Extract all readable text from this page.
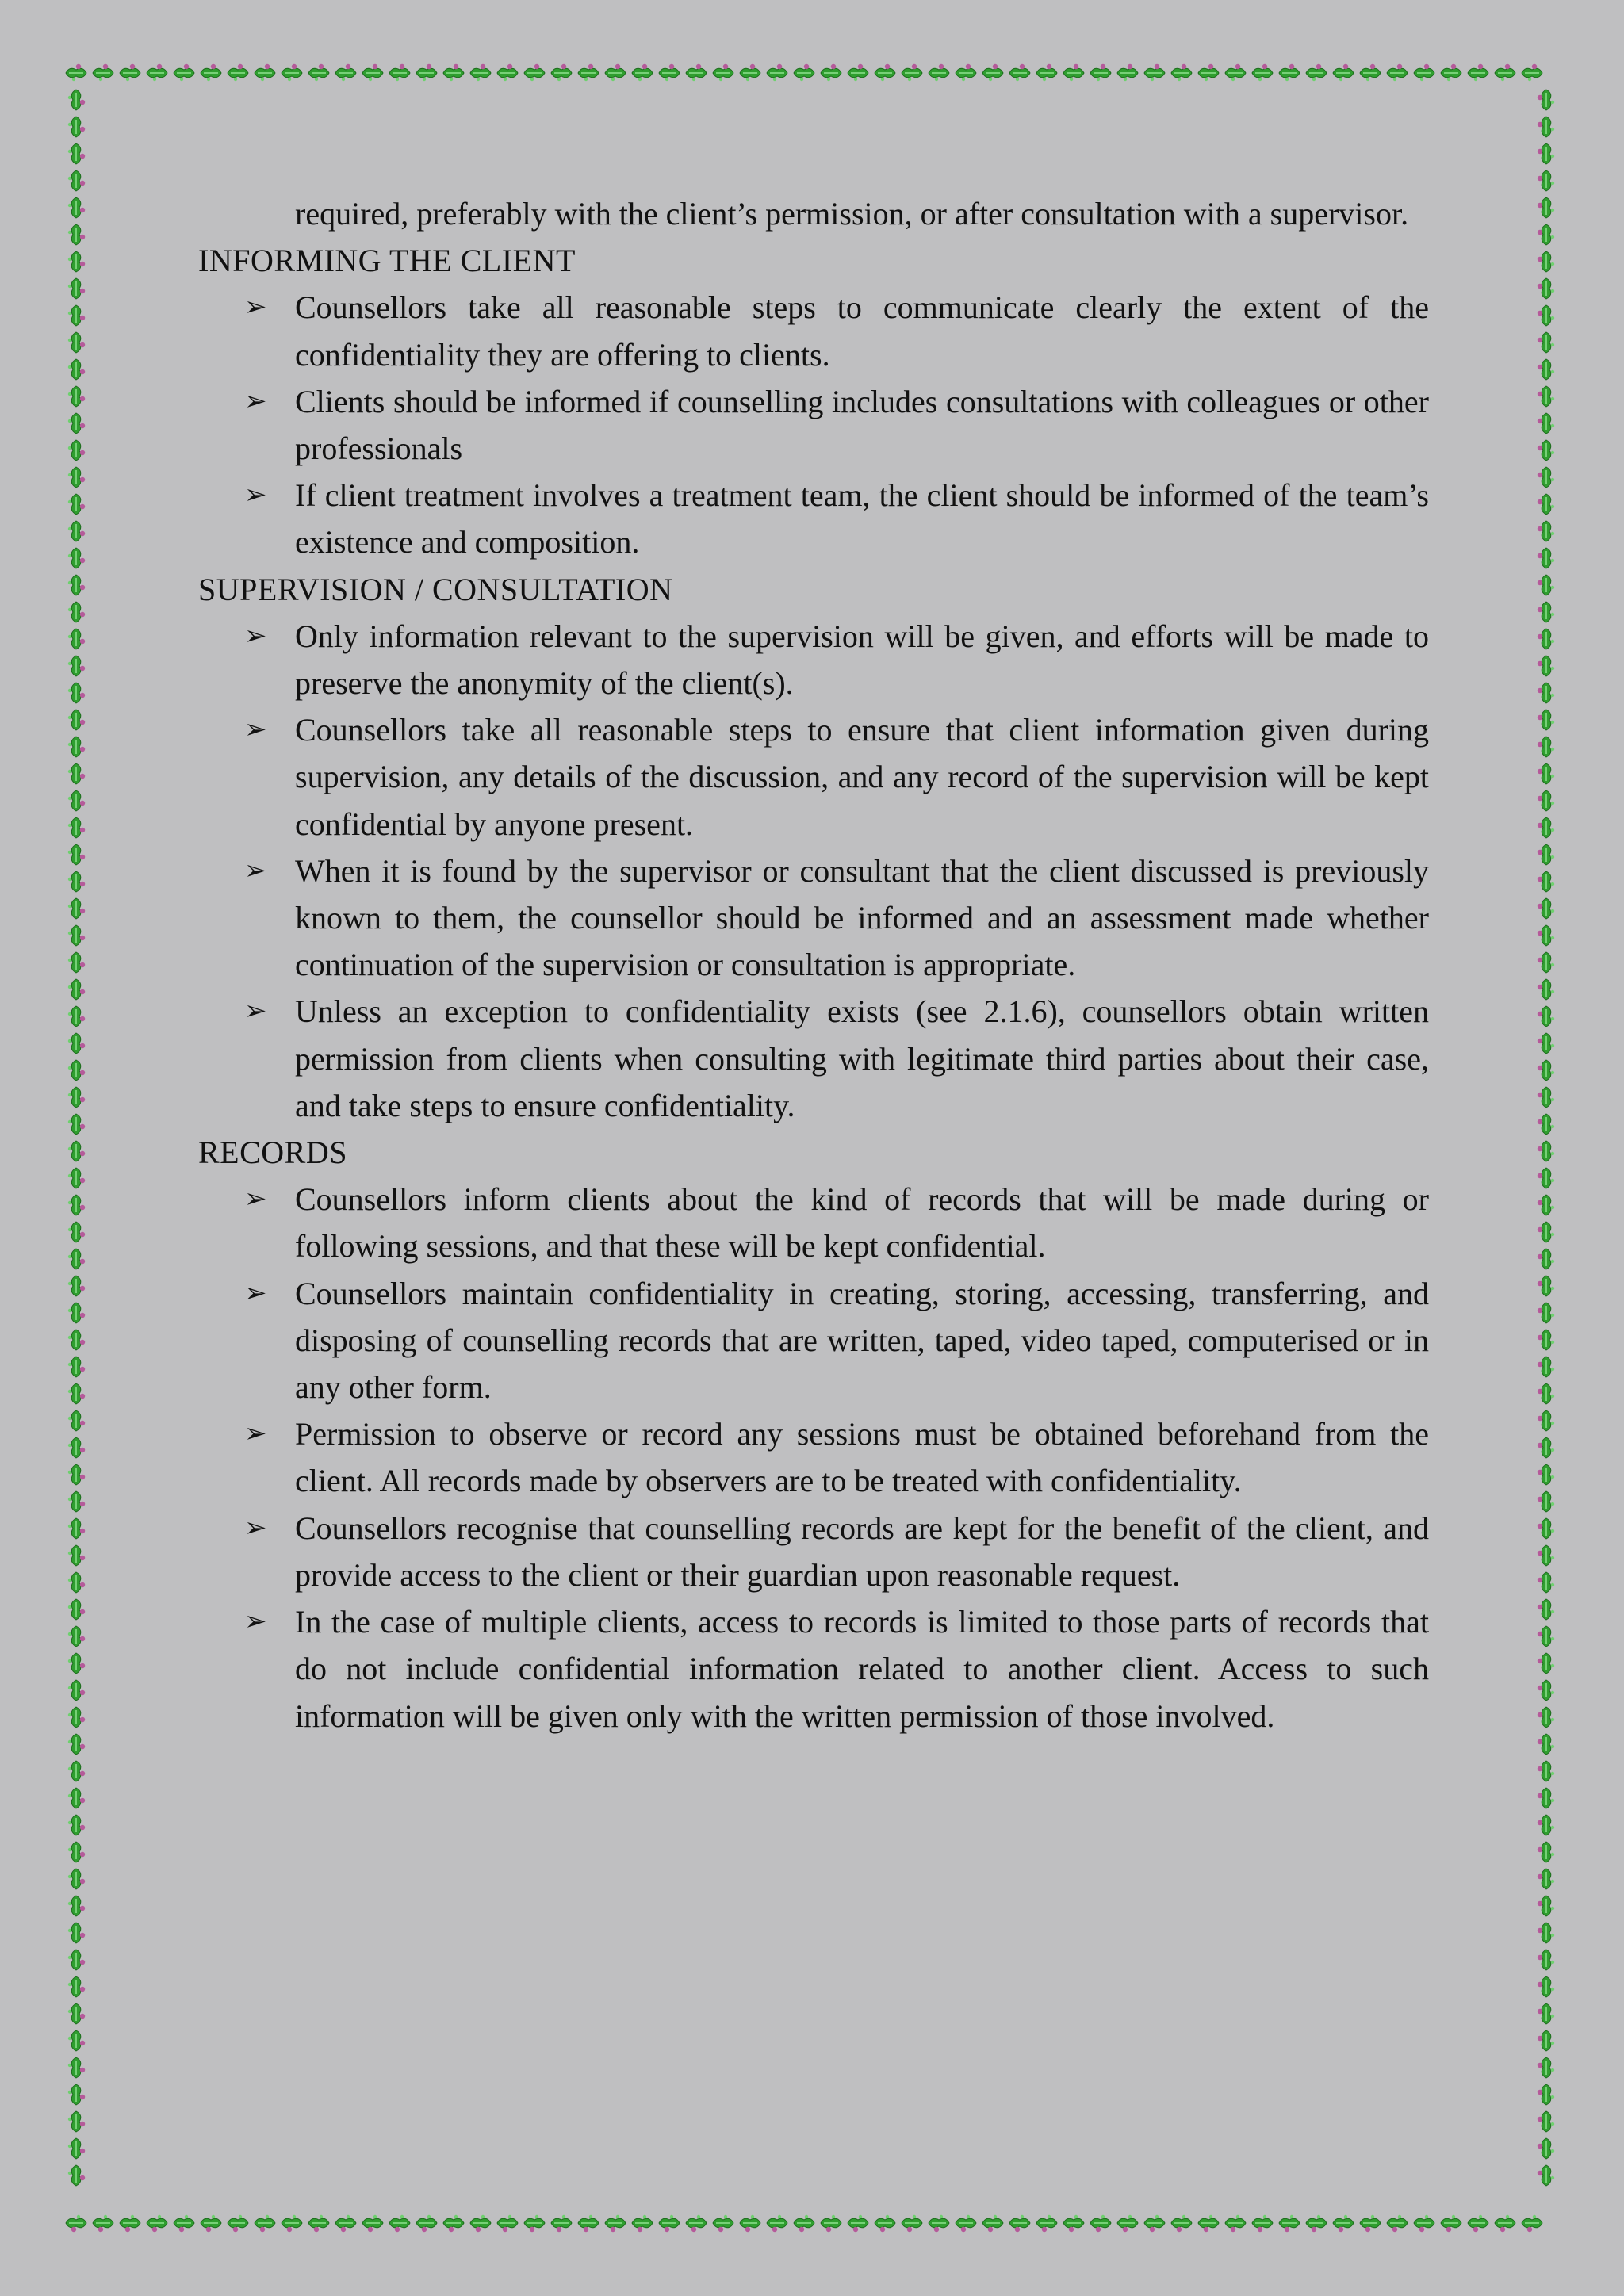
required, preferably with the client’s permission, or after consultation with a supervisor.
INFORMING THE CLIENT
➢ Counsellors take all reasonable steps to communicate clearly the extent of the confidentiality they are offering to clients.
➢ Clients should be informed if counselling includes consultations with colleagues or other professionals
➢ If client treatment involves a treatment team, the client should be informed of the team’s existence and composition.
SUPERVISION / CONSULTATION
➢ Only information relevant to the supervision will be given, and efforts will be made to preserve the anonymity of the client(s).
➢ Counsellors take all reasonable steps to ensure that client information given during supervision, any details of the discussion, and any record of the supervision will be kept confidential by anyone present.
➢ When it is found by the supervisor or consultant that the client discussed is previously known to them, the counsellor should be informed and an assessment made whether continuation of the supervision or consultation is appropriate.
➢ Unless an exception to confidentiality exists (see 2.1.6), counsellors obtain written permission from clients when consulting with legitimate third parties about their case, and take steps to ensure confidentiality.
RECORDS
➢ Counsellors inform clients about the kind of records that will be made during or following sessions, and that these will be kept confidential.
➢ Counsellors maintain confidentiality in creating, storing, accessing, transferring, and disposing of counselling records that are written, taped, video taped, computerised or in any other form.
➢ Permission to observe or record any sessions must be obtained beforehand from the client. All records made by observers are to be treated with confidentiality.
➢ Counsellors recognise that counselling records are kept for the benefit of the client, and provide access to the client or their guardian upon reasonable request.
➢ In the case of multiple clients, access to records is limited to those parts of records that do not include confidential information related to another client. Access to such information will be given only with the written permission of those involved.
